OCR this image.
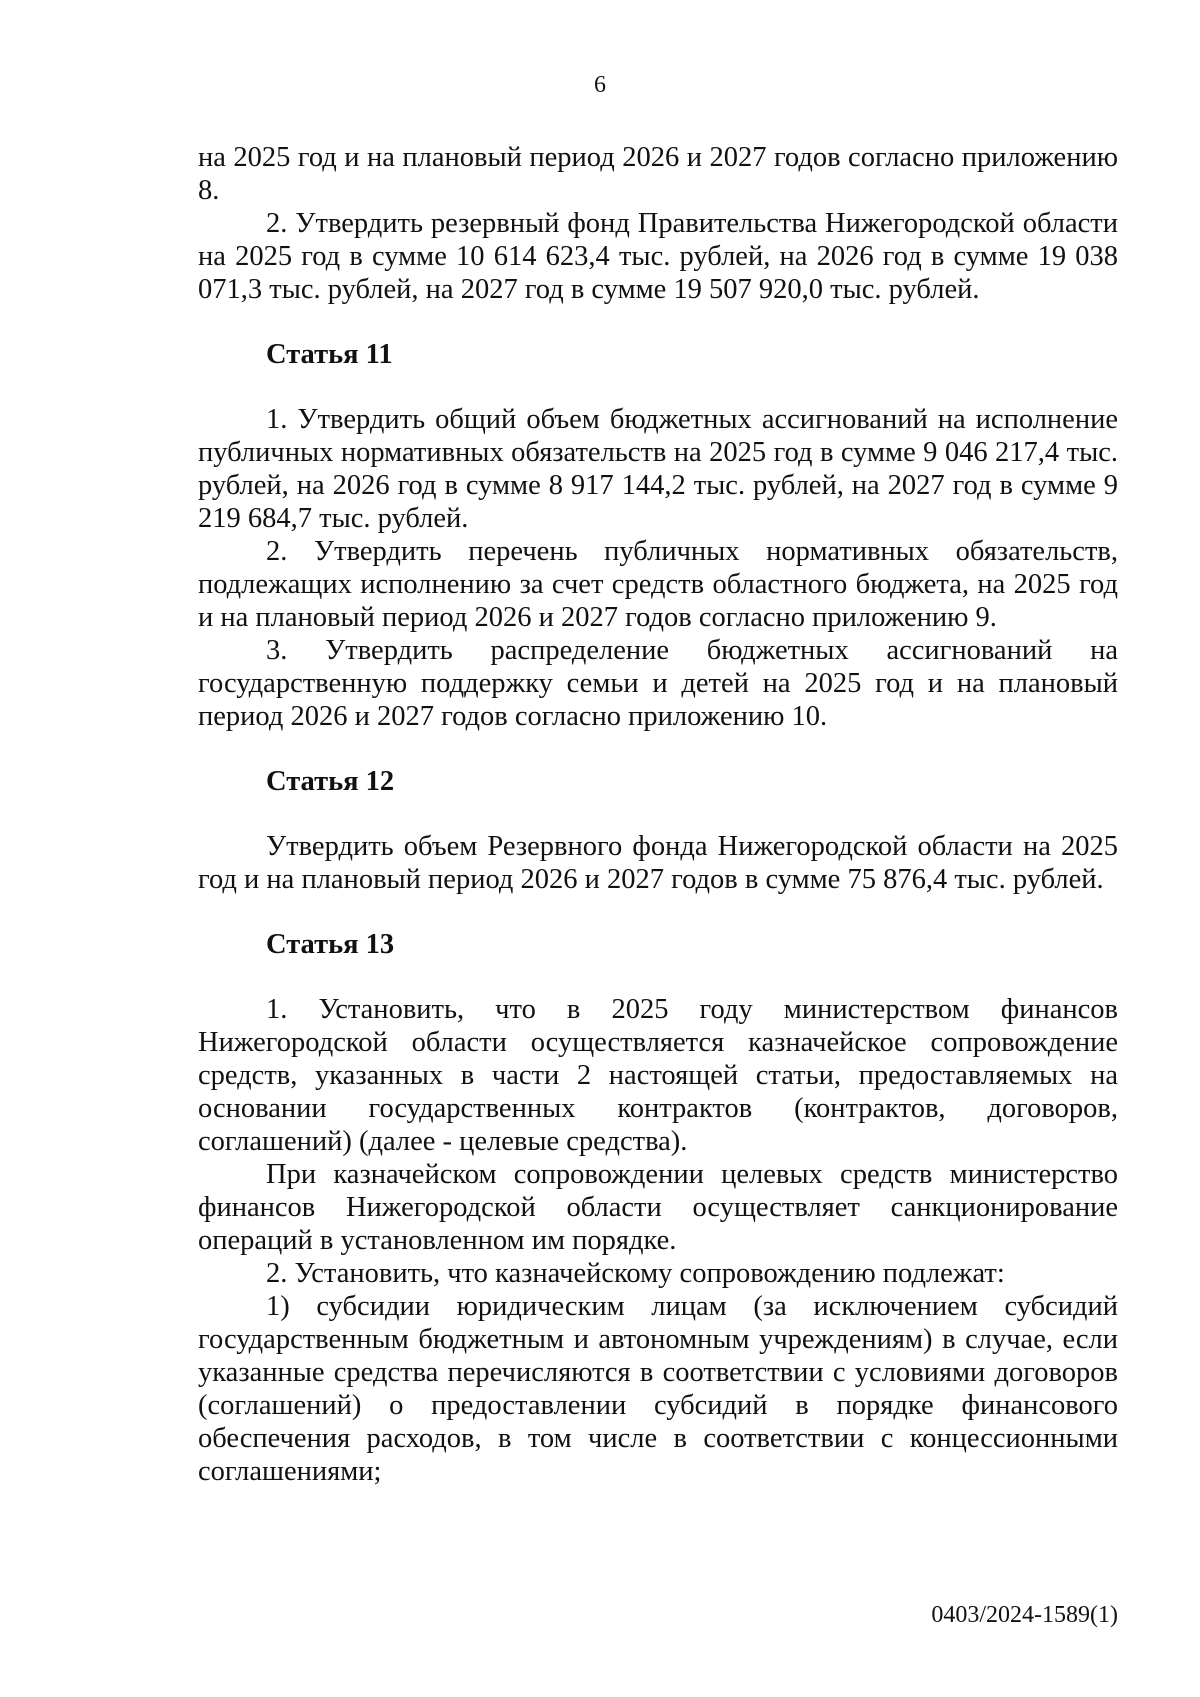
6

на 2025 год и на плановый период 2026 и 2027 годов согласно приложению 8.

2. Утвердить резервный фонд Правительства Нижегородской области на 2025 год в сумме 10 614 623,4 тыс. рублей, на 2026 год в сумме 19 038 071,3 тыс. рублей, на 2027 год в сумме 19 507 920,0 тыс. рублей.

Статья 11

1. Утвердить общий объем бюджетных ассигнований на исполнение публичных нормативных обязательств на 2025 год в сумме 9 046 217,4 тыс. рублей, на 2026 год в сумме 8 917 144,2 тыс. рублей, на 2027 год в сумме 9 219 684,7 тыс. рублей.

2. Утвердить перечень публичных нормативных обязательств, подлежащих исполнению за счет средств областного бюджета, на 2025 год и на плановый период 2026 и 2027 годов согласно приложению 9.

3. Утвердить распределение бюджетных ассигнований на государственную поддержку семьи и детей на 2025 год и на плановый период 2026 и 2027 годов согласно приложению 10.

Статья 12

Утвердить объем Резервного фонда Нижегородской области на 2025 год и на плановый период 2026 и 2027 годов в сумме 75 876,4 тыс. рублей.

Статья 13

1. Установить, что в 2025 году министерством финансов Нижегородской области осуществляется казначейское сопровождение средств, указанных в части 2 настоящей статьи, предоставляемых на основании государственных контрактов (контрактов, договоров, соглашений) (далее - целевые средства).

При казначейском сопровождении целевых средств министерство финансов Нижегородской области осуществляет санкционирование операций в установленном им порядке.

2. Установить, что казначейскому сопровождению подлежат:

1) субсидии юридическим лицам (за исключением субсидий государственным бюджетным и автономным учреждениям) в случае, если указанные средства перечисляются в соответствии с условиями договоров (соглашений) о предоставлении субсидий в порядке финансового обеспечения расходов, в том числе в соответствии с концессионными соглашениями;

0403/2024-1589(1)
